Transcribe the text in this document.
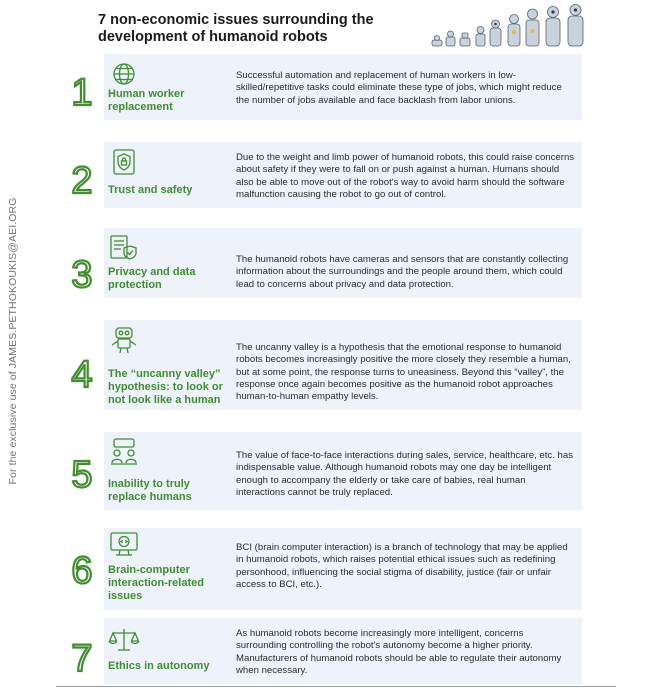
For the exclusive use of JAMES.PETHOKOUKIS@AEI.ORG
7 non-economic issues surrounding the
development of humanoid robots
1 Human worker
replacement
Successful automation and replacement of human workers in low-skilled/repetitive tasks could eliminate these type of jobs, which might reduce the number of jobs available and face backlash from labor unions.
2 Trust and safety
Due to the weight and limb power of humanoid robots, this could raise concerns about safety if they were to fall on or push against a human. Humans should also be able to move out of the robot's way to avoid harm should the software malfunction causing the robot to go out of control.
3 Privacy and data
protection
The humanoid robots have cameras and sensors that are constantly collecting information about the surroundings and the people around them, which could lead to concerns about privacy and data protection.
4 The “uncanny valley”
hypothesis: to look or
not look like a human
The uncanny valley is a hypothesis that the emotional response to humanoid robots becomes increasingly positive the more closely they resemble a human, but at some point, the response turns to uneasiness. Beyond this “valley”, the response once again becomes positive as the humanoid robot approaches human-to-human empathy levels.
5 Inability to truly
replace humans
The value of face-to-face interactions during sales, service, healthcare, etc. has indispensable value. Although humanoid robots may one day be intelligent enough to accompany the elderly or take care of babies, real human interactions cannot be truly replaced.
6 Brain-computer
interaction-related
issues
BCI (brain computer interaction) is a branch of technology that may be applied in humanoid robots, which raises potential ethical issues such as redefining personhood, influencing the social stigma of disability, justice (fair or unfair access to BCI, etc.).
7 Ethics in autonomy
As humanoid robots become increasingly more intelligent, concerns surrounding controlling the robot's autonomy become a higher priority. Manufacturers of humanoid robots should be able to regulate their autonomy when necessary.
